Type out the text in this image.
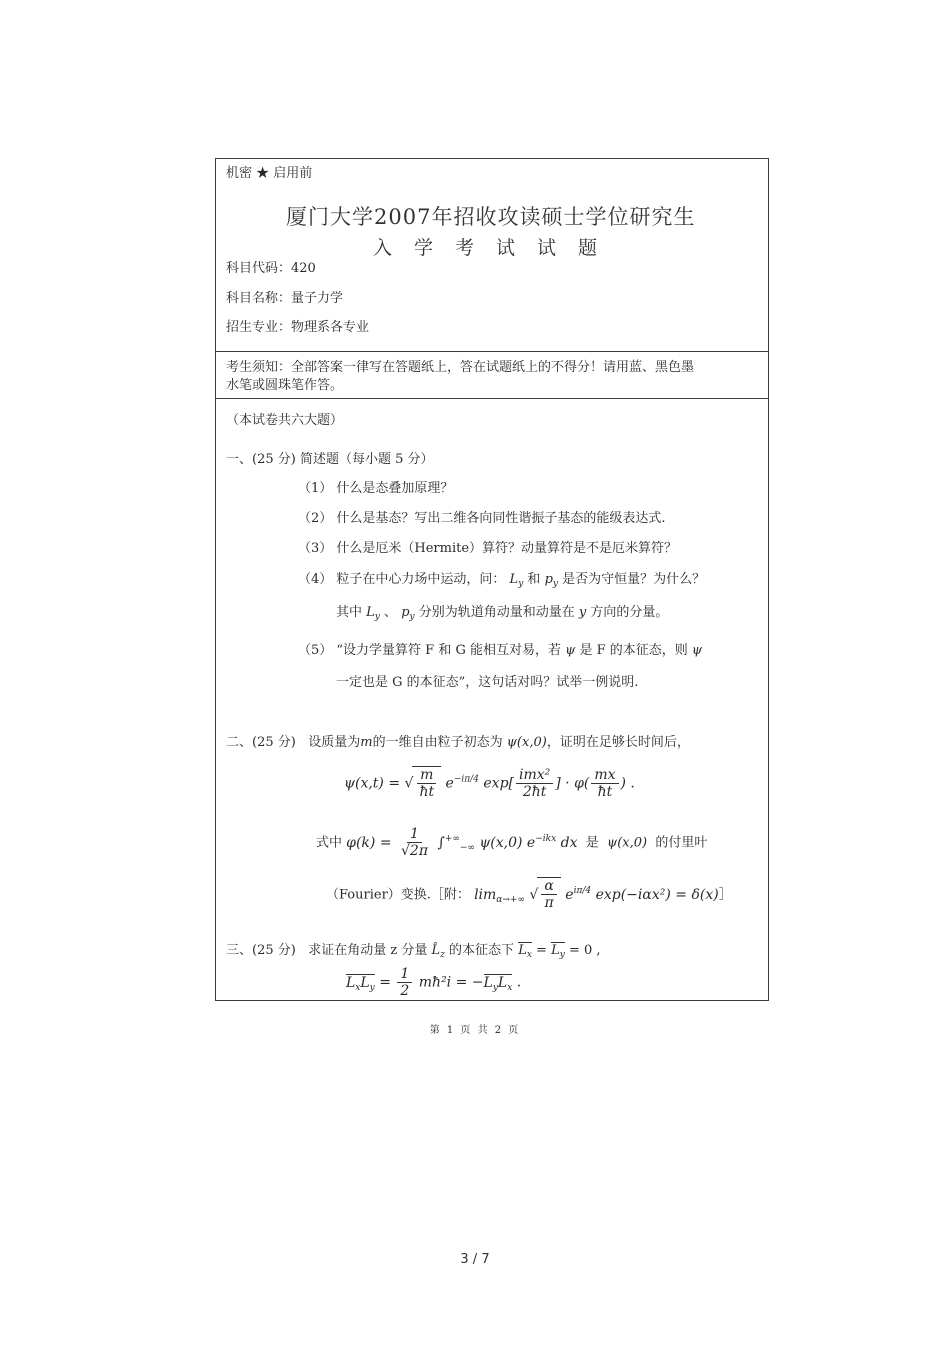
机密 ★ 启用前
厦门大学2007年招收攻读硕士学位研究生
入学考试试题
科目代码：420
科目名称：量子力学
招生专业：物理系各专业
考生须知：全部答案一律写在答题纸上，答在试题纸上的不得分！请用蓝、黑色墨
水笔或圆珠笔作答。
（本试卷共六大题）
一、(25 分) 简述题（每小题 5 分）
（1） 什么是态叠加原理？
（2） 什么是基态？写出二维各向同性谐振子基态的能级表达式.
（3） 什么是厄米（Hermite）算符？动量算符是不是厄米算符？
（4） 粒子在中心力场中运动，问： $L_y$ 和 $p_y$ 是否为守恒量？为什么？
其中 $L_y$ 、 $p_y$ 分别为轨道角动量和动量在 y 方向的分量。
（5） “设力学量算符 F 和 G 能相互对易，若 ψ 是 F 的本征态，则 ψ
一定也是 G 的本征态”，这句话对吗？试举一例说明.
二、(25 分) 设质量为m的一维自由粒子初态为 ψ(x,0)，证明在足够长时间后，
ψ(x,t) = √ $\frac{m}{ħt} e^{-i\pi/4}$ $\exp[ \frac{\text{imx²}}{2ħt}$ ] · $\varphi( \frac{mx}{ħt}$ ) .
式中 $\varphi(k) = \frac{1}{√2\pi} \int^{+\infty}_{-\infty}$ ψ(x,0) $e^{-ikx}$ dx 是 ψ(x,0) 的付里叶
（Fourier）变换.［附： $\lim_{\alpha\to+\infty}$ √ $\frac{\alpha}{\pi} e^{i\pi/4}$ exp(−iαx²) = δ(x)］
三、(25 分) 求证在角动量 z 分量 $L̂_z$ 的本征态下 $L_x = L_y = 0$ ,
$L_xL_y = \frac{1}{2}$ mħ²i = $-L_yL_x$ .
第 1 页 共 2 页
3 / 7
